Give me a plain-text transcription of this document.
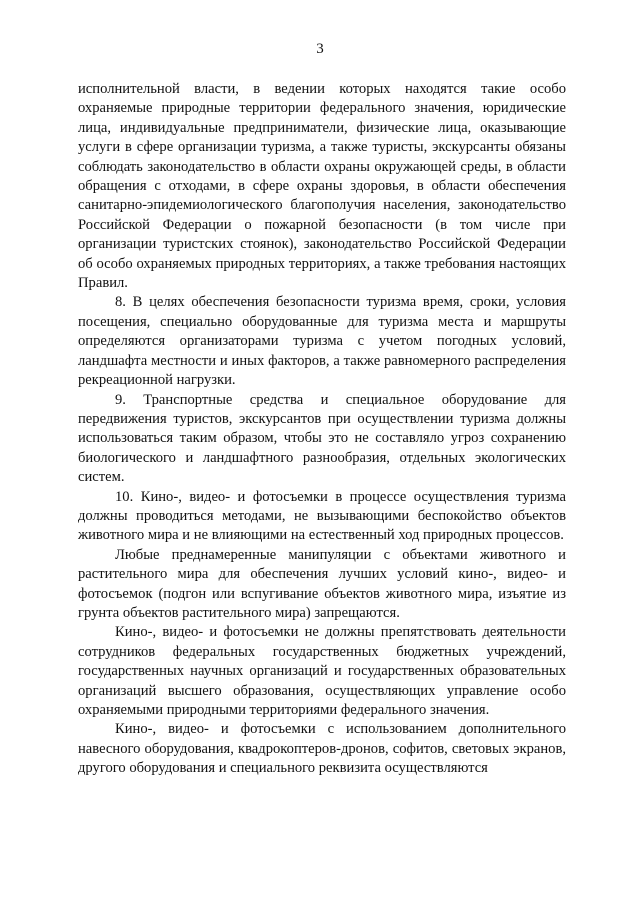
3

исполнительной власти, в ведении которых находятся такие особо охраняемые природные территории федерального значения, юридические лица, индивидуальные предприниматели, физические лица, оказывающие услуги в сфере организации туризма, а также туристы, экскурсанты обязаны соблюдать законодательство в области охраны окружающей среды, в области обращения с отходами, в сфере охраны здоровья, в области обеспечения санитарно-эпидемиологического благополучия населения, законодательство Российской Федерации о пожарной безопасности (в том числе при организации туристских стоянок), законодательство Российской Федерации об особо охраняемых природных территориях, а также требования настоящих Правил.

8. В целях обеспечения безопасности туризма время, сроки, условия посещения, специально оборудованные для туризма места и маршруты определяются организаторами туризма с учетом погодных условий, ландшафта местности и иных факторов, а также равномерного распределения рекреационной нагрузки.

9. Транспортные средства и специальное оборудование для передвижения туристов, экскурсантов при осуществлении туризма должны использоваться таким образом, чтобы это не составляло угроз сохранению биологического и ландшафтного разнообразия, отдельных экологических систем.

10. Кино-, видео- и фотосъемки в процессе осуществления туризма должны проводиться методами, не вызывающими беспокойство объектов животного мира и не влияющими на естественный ход природных процессов.

Любые преднамеренные манипуляции с объектами животного и растительного мира для обеспечения лучших условий кино-, видео- и фотосъемок (подгон или вспугивание объектов животного мира, изъятие из грунта объектов растительного мира) запрещаются.

Кино-, видео- и фотосъемки не должны препятствовать деятельности сотрудников федеральных государственных бюджетных учреждений, государственных научных организаций и государственных образовательных организаций высшего образования, осуществляющих управление особо охраняемыми природными территориями федерального значения.

Кино-, видео- и фотосъемки с использованием дополнительного навесного оборудования, квадрокоптеров-дронов, софитов, световых экранов, другого оборудования и специального реквизита осуществляются
